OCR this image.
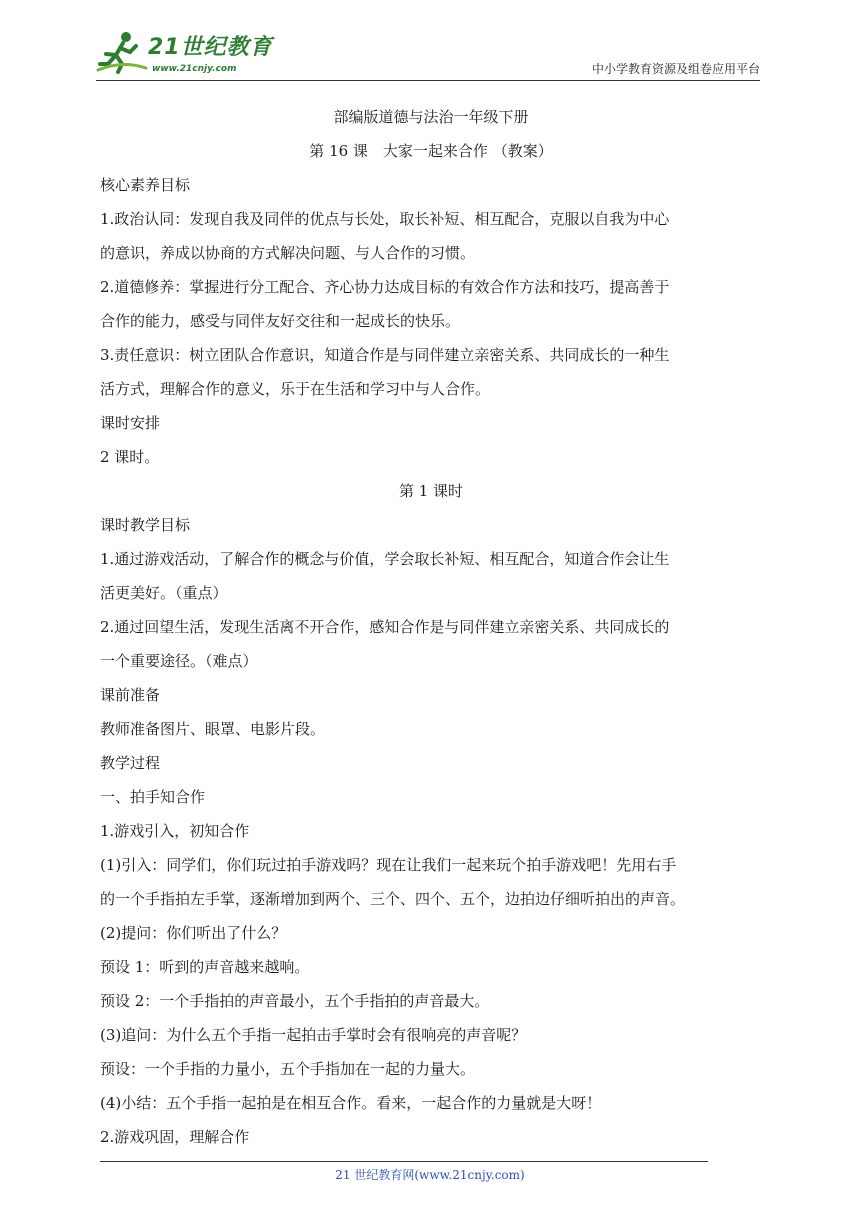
21世纪教育
www.21cnjy.com	中小学教育资源及组卷应用平台
部编版道德与法治一年级下册
第 16 课　大家一起来合作 （教案）
核心素养目标
1.政治认同：发现自我及同伴的优点与长处，取长补短、相互配合，克服以自我为中心
的意识，养成以协商的方式解决问题、与人合作的习惯。
2.道德修养：掌握进行分工配合、齐心协力达成目标的有效合作方法和技巧，提高善于
合作的能力，感受与同伴友好交往和一起成长的快乐。
3.责任意识：树立团队合作意识，知道合作是与同伴建立亲密关系、共同成长的一种生
活方式，理解合作的意义，乐于在生活和学习中与人合作。
课时安排
2 课时。
第 1 课时
课时教学目标
1.通过游戏活动，了解合作的概念与价值，学会取长补短、相互配合，知道合作会让生
活更美好。（重点）
2.通过回望生活，发现生活离不开合作，感知合作是与同伴建立亲密关系、共同成长的
一个重要途径。（难点）
课前准备
教师准备图片、眼罩、电影片段。
教学过程
一、拍手知合作
1.游戏引入，初知合作
(1)引入：同学们，你们玩过拍手游戏吗？现在让我们一起来玩个拍手游戏吧！先用右手
的一个手指拍左手掌，逐渐增加到两个、三个、四个、五个，边拍边仔细听拍出的声音。
(2)提问：你们听出了什么？
预设 1：听到的声音越来越响。
预设 2：一个手指拍的声音最小，五个手指拍的声音最大。
(3)追问：为什么五个手指一起拍击手掌时会有很响亮的声音呢？
预设：一个手指的力量小，五个手指加在一起的力量大。
(4)小结：五个手指一起拍是在相互合作。看来，一起合作的力量就是大呀！
2.游戏巩固，理解合作
21 世纪教育网(www.21cnjy.com)
